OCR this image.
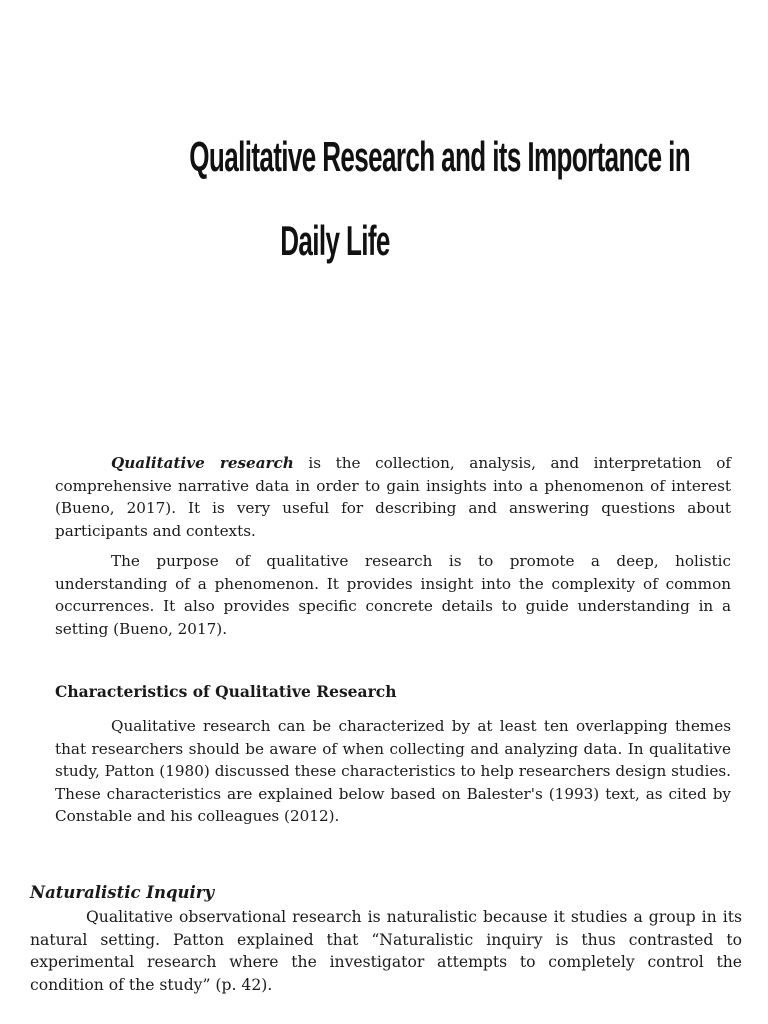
Qualitative Research and its Importance in
Daily Life
Qualitative research is the collection, analysis, and interpretation of comprehensive narrative data in order to gain insights into a phenomenon of interest (Bueno, 2017). It is very useful for describing and answering questions about participants and contexts.
The purpose of qualitative research is to promote a deep, holistic understanding of a phenomenon. It provides insight into the complexity of common occurrences. It also provides specific concrete details to guide understanding in a setting (Bueno, 2017).
Characteristics of Qualitative Research
Qualitative research can be characterized by at least ten overlapping themes that researchers should be aware of when collecting and analyzing data. In qualitative study, Patton (1980) discussed these characteristics to help researchers design studies. These characteristics are explained below based on Balester's (1993) text, as cited by Constable and his colleagues (2012).
Naturalistic Inquiry
Qualitative observational research is naturalistic because it studies a group in its natural setting. Patton explained that “Naturalistic inquiry is thus contrasted to experimental research where the investigator attempts to completely control the condition of the study” (p. 42).
